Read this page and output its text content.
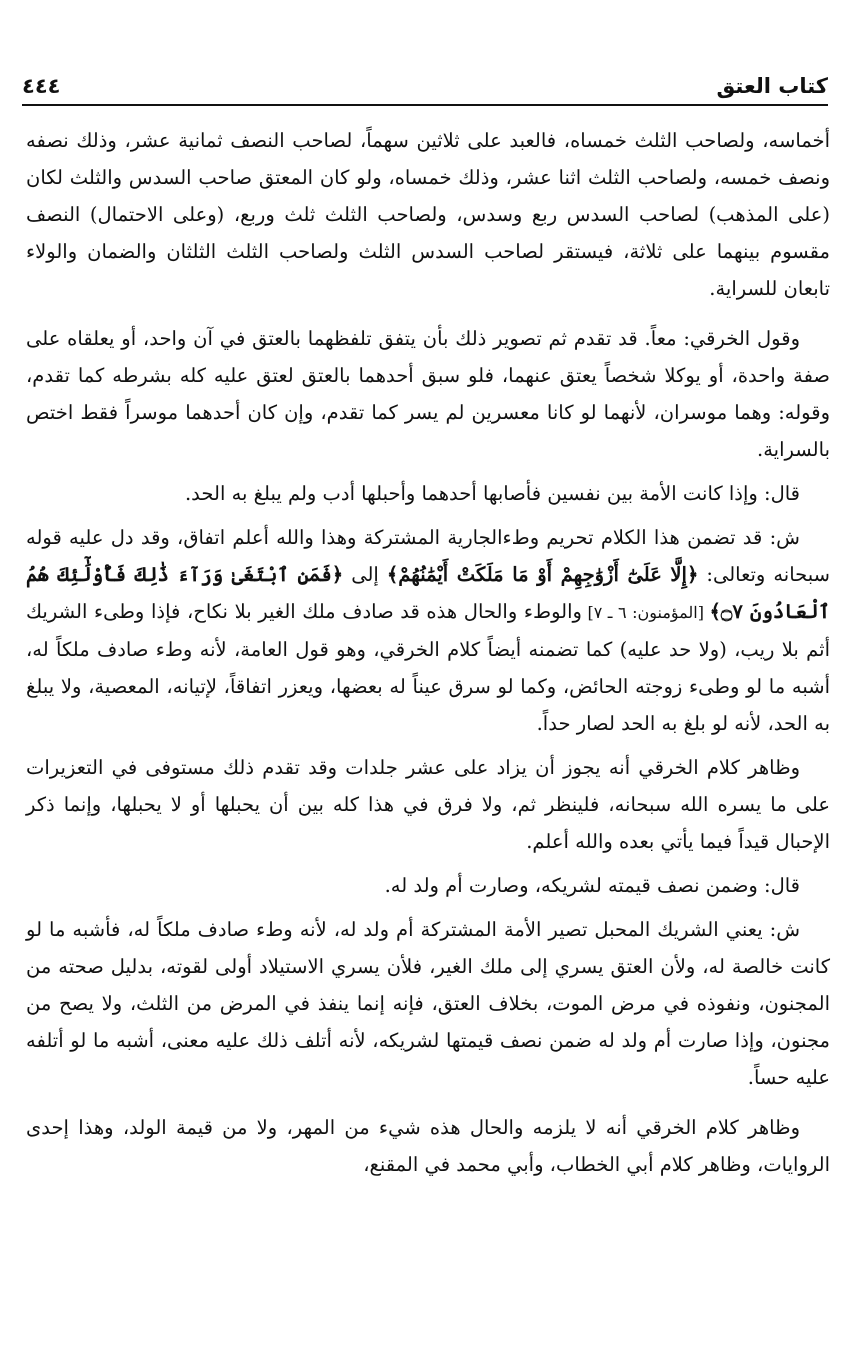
كتاب العتق
٤٤٤

أخماسه، ولصاحب الثلث خمساه، فالعبد على ثلاثين سهماً، لصاحب النصف ثمانية عشر، وذلك نصفه ونصف خمسه، ولصاحب الثلث اثنا عشر، وذلك خمساه، ولو كان المعتق صاحب السدس والثلث لكان (على المذهب) لصاحب السدس ربع وسدس، ولصاحب الثلث ثلث وربع، (وعلى الاحتمال) النصف مقسوم بينهما على ثلاثة، فيستقر لصاحب السدس الثلث ولصاحب الثلث الثلثان والضمان والولاء تابعان للسراية.

وقول الخرقي: معاً. قد تقدم ثم تصوير ذلك بأن يتفق تلفظهما بالعتق في آن واحد، أو يعلقاه على صفة واحدة، أو يوكلا شخصاً يعتق عنهما، فلو سبق أحدهما بالعتق لعتق عليه كله بشرطه كما تقدم، وقوله: وهما موسران، لأنهما لو كانا معسرين لم يسر كما تقدم، وإن كان أحدهما موسراً فقط اختص بالسراية.

قال: وإذا كانت الأمة بين نفسين فأصابها أحدهما وأحبلها أدب ولم يبلغ به الحد.

ش: قد تضمن هذا الكلام تحريم وطءالجارية المشتركة وهذا والله أعلم اتفاق، وقد دل عليه قوله سبحانه وتعالى: ﴿إِلَّا عَلَىٰٓ أَزْوَٰجِهِمْ أَوْ مَا مَلَكَتْ أَيْمَٰنُهُمْ﴾ إلى ﴿فَمَنِ ٱبْتَغَىٰ وَرَآءَ ذَٰلِكَ فَأُوْلَٰٓئِكَ هُمُ ٱلْعَادُونَ ۝٧﴾ [المؤمنون: ٦ ـ ٧] والوطء والحال هذه قد صادف ملك الغير بلا نكاح، فإذا وطىء الشريك أثم بلا ريب، (ولا حد عليه) كما تضمنه أيضاً كلام الخرقي، وهو قول العامة، لأنه وطء صادف ملكاً له، أشبه ما لو وطىء زوجته الحائض، وكما لو سرق عيناً له بعضها، ويعزر اتفاقاً، لإتيانه، المعصية، ولا يبلغ به الحد، لأنه لو بلغ به الحد لصار حداً.

وظاهر كلام الخرقي أنه يجوز أن يزاد على عشر جلدات وقد تقدم ذلك مستوفى في التعزيرات على ما يسره الله سبحانه، فلينظر ثم، ولا فرق في هذا كله بين أن يحبلها أو لا يحبلها، وإنما ذكر الإحبال قيداً فيما يأتي بعده والله أعلم.

قال: وضمن نصف قيمته لشريكه، وصارت أم ولد له.

ش: يعني الشريك المحبل تصير الأمة المشتركة أم ولد له، لأنه وطء صادف ملكاً له، فأشبه ما لو كانت خالصة له، ولأن العتق يسري إلى ملك الغير، فلأن يسري الاستيلاد أولى لقوته، بدليل صحته من المجنون، ونفوذه في مرض الموت، بخلاف العتق، فإنه إنما ينفذ في المرض من الثلث، ولا يصح من مجنون، وإذا صارت أم ولد له ضمن نصف قيمتها لشريكه، لأنه أتلف ذلك عليه معنى، أشبه ما لو أتلفه عليه حساً.

وظاهر كلام الخرقي أنه لا يلزمه والحال هذه شيء من المهر، ولا من قيمة الولد، وهذا إحدى الروايات، وظاهر كلام أبي الخطاب، وأبي محمد في المقنع،
